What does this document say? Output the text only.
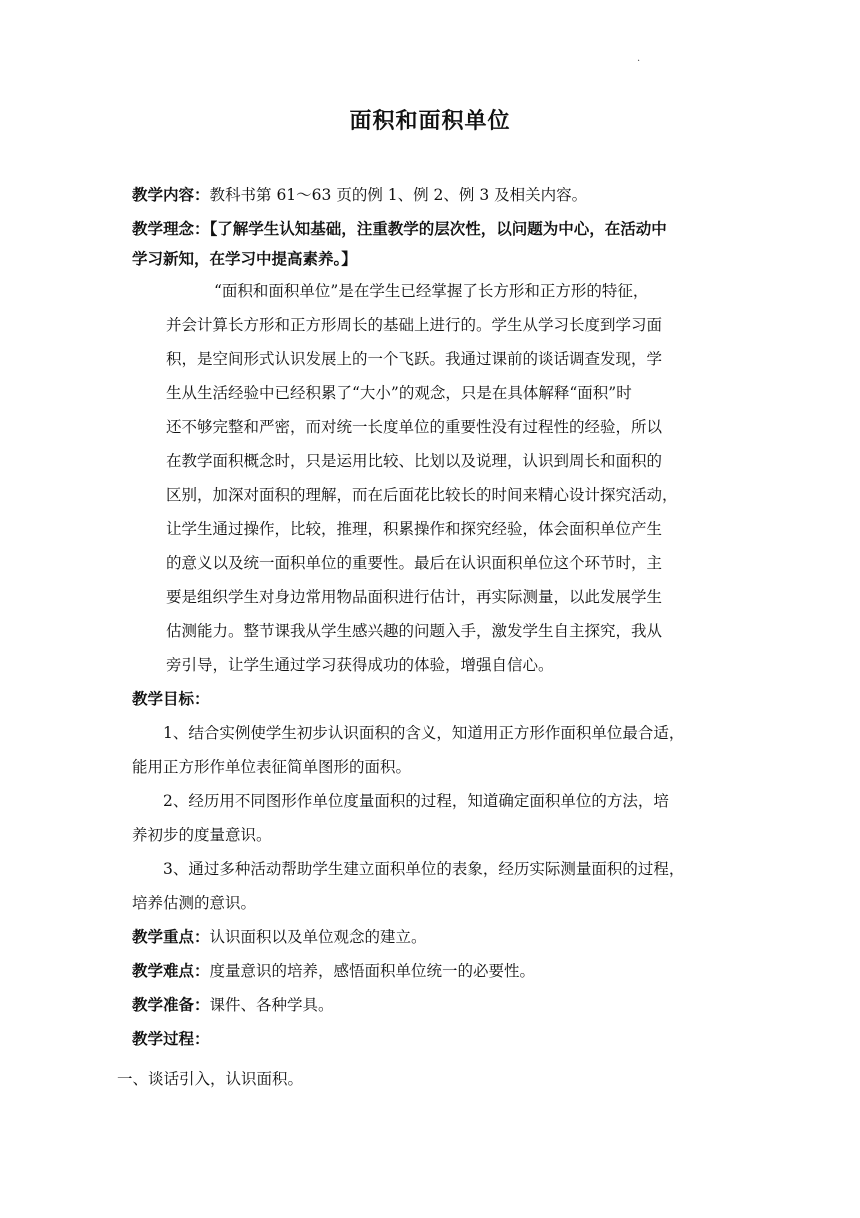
·
面积和面积单位
教学内容：教科书第 61～63 页的例 1、例 2、例 3 及相关内容。
教学理念：【了解学生认知基础，注重教学的层次性，以问题为中心，在活动中
学习新知，在学习中提高素养。】
“面积和面积单位”是在学生已经掌握了长方形和正方形的特征，
并会计算长方形和正方形周长的基础上进行的。学生从学习长度到学习面
积，是空间形式认识发展上的一个飞跃。我通过课前的谈话调查发现，学
生从生活经验中已经积累了“大小”的观念，只是在具体解释“面积”时
还不够完整和严密，而对统一长度单位的重要性没有过程性的经验，所以
在教学面积概念时，只是运用比较、比划以及说理，认识到周长和面积的
区别，加深对面积的理解，而在后面花比较长的时间来精心设计探究活动，
让学生通过操作，比较，推理，积累操作和探究经验，体会面积单位产生
的意义以及统一面积单位的重要性。最后在认识面积单位这个环节时，主
要是组织学生对身边常用物品面积进行估计，再实际测量，以此发展学生
估测能力。整节课我从学生感兴趣的问题入手，激发学生自主探究，我从
旁引导，让学生通过学习获得成功的体验，增强自信心。
教学目标：
1、结合实例使学生初步认识面积的含义，知道用正方形作面积单位最合适，
能用正方形作单位表征简单图形的面积。
2、经历用不同图形作单位度量面积的过程，知道确定面积单位的方法，培
养初步的度量意识。
3、通过多种活动帮助学生建立面积单位的表象，经历实际测量面积的过程，
培养估测的意识。
教学重点：认识面积以及单位观念的建立。
教学难点：度量意识的培养，感悟面积单位统一的必要性。
教学准备：课件、各种学具。
教学过程：
一、谈话引入，认识面积。
